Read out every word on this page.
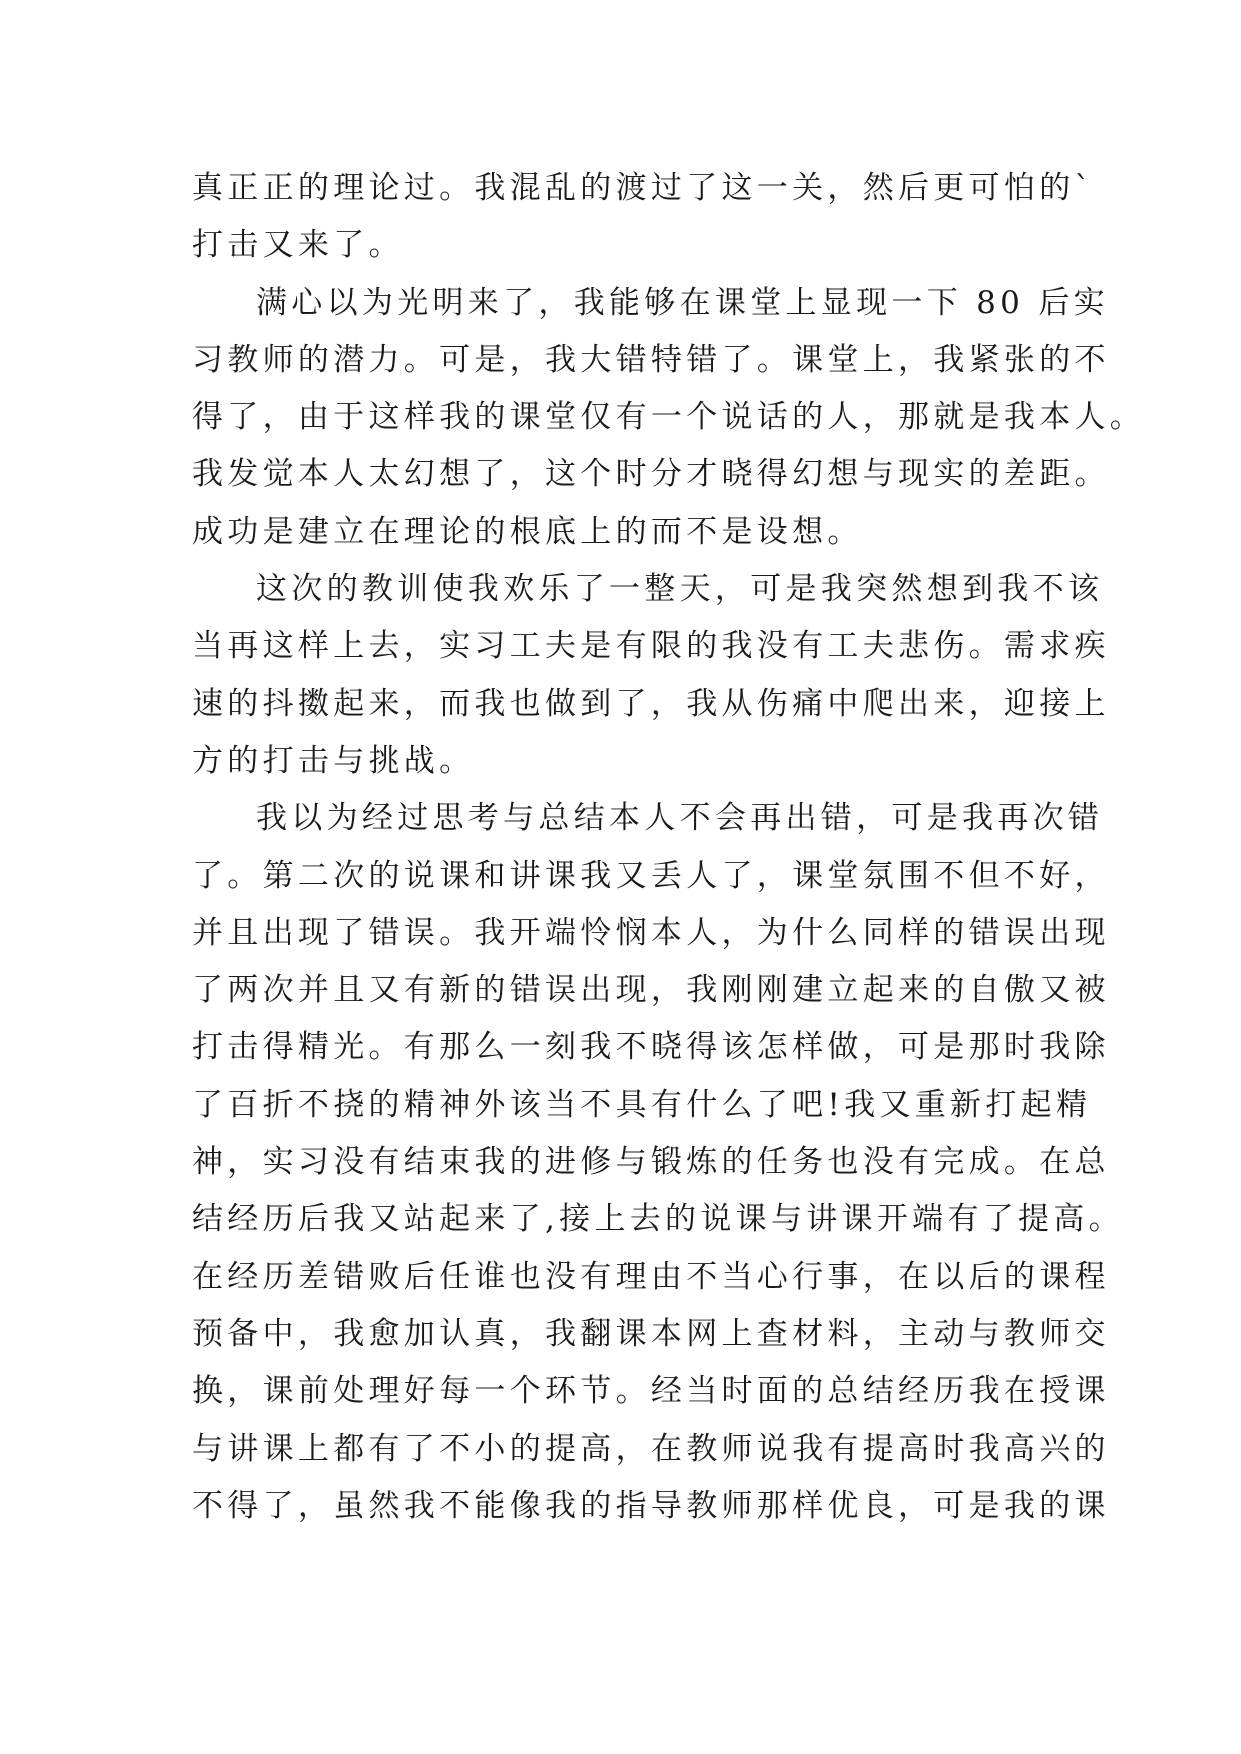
真正正的理论过。我混乱的渡过了这一关，然后更可怕的`
打击又来了。
满心以为光明来了，我能够在课堂上显现一下 80 后实
习教师的潜力。可是，我大错特错了。课堂上，我紧张的不
得了，由于这样我的课堂仅有一个说话的人，那就是我本人。
我发觉本人太幻想了，这个时分才晓得幻想与现实的差距。
成功是建立在理论的根底上的而不是设想。
这次的教训使我欢乐了一整天，可是我突然想到我不该
当再这样上去，实习工夫是有限的我没有工夫悲伤。需求疾
速的抖擞起来，而我也做到了，我从伤痛中爬出来，迎接上
方的打击与挑战。
我以为经过思考与总结本人不会再出错，可是我再次错
了。第二次的说课和讲课我又丢人了，课堂氛围不但不好，
并且出现了错误。我开端怜悯本人，为什么同样的错误出现
了两次并且又有新的错误出现，我刚刚建立起来的自傲又被
打击得精光。有那么一刻我不晓得该怎样做，可是那时我除
了百折不挠的精神外该当不具有什么了吧!我又重新打起精
神，实习没有结束我的进修与锻炼的任务也没有完成。在总
结经历后我又站起来了,接上去的说课与讲课开端有了提高。
在经历差错败后任谁也没有理由不当心行事，在以后的课程
预备中，我愈加认真，我翻课本网上查材料，主动与教师交
换，课前处理好每一个环节。经当时面的总结经历我在授课
与讲课上都有了不小的提高，在教师说我有提高时我高兴的
不得了，虽然我不能像我的指导教师那样优良，可是我的课
